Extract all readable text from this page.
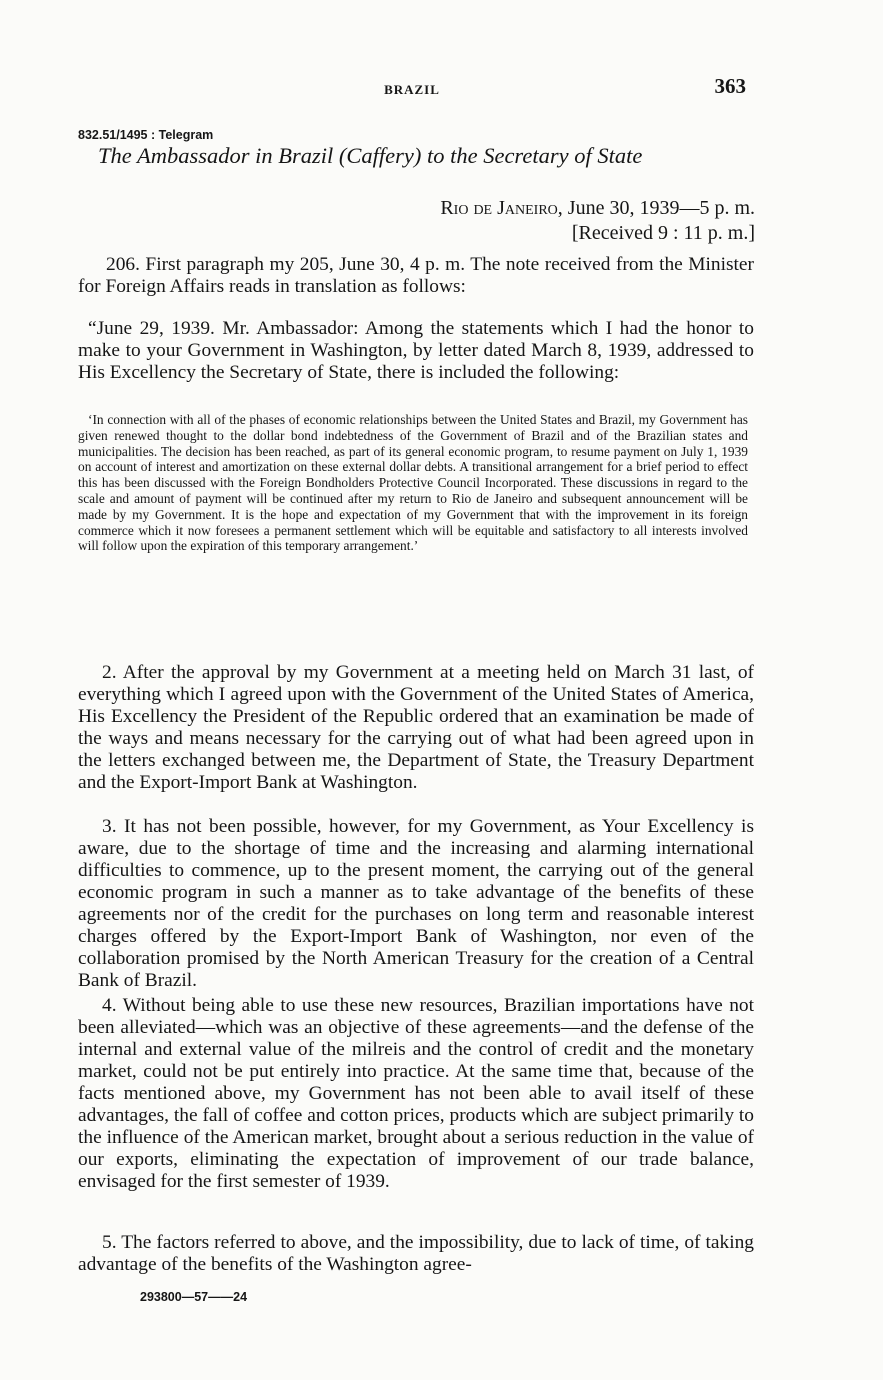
BRAZIL	363
832.51/1495 : Telegram
The Ambassador in Brazil (Caffery) to the Secretary of State
Rio de Janeiro, June 30, 1939—5 p. m.
[Received 9 : 11 p. m.]
206. First paragraph my 205, June 30, 4 p. m. The note received from the Minister for Foreign Affairs reads in translation as follows:
“June 29, 1939. Mr. Ambassador: Among the statements which I had the honor to make to your Government in Washington, by letter dated March 8, 1939, addressed to His Excellency the Secretary of State, there is included the following:
‘In connection with all of the phases of economic relationships between the United States and Brazil, my Government has given renewed thought to the dollar bond indebtedness of the Government of Brazil and of the Brazilian states and municipalities. The decision has been reached, as part of its general economic program, to resume payment on July 1, 1939 on account of interest and amortization on these external dollar debts. A transitional arrangement for a brief period to effect this has been discussed with the Foreign Bondholders Protective Council Incorporated. These discussions in regard to the scale and amount of payment will be continued after my return to Rio de Janeiro and subsequent announcement will be made by my Government. It is the hope and expectation of my Government that with the improvement in its foreign commerce which it now foresees a permanent settlement which will be equitable and satisfactory to all interests involved will follow upon the expiration of this temporary arrangement.’
2. After the approval by my Government at a meeting held on March 31 last, of everything which I agreed upon with the Government of the United States of America, His Excellency the President of the Republic ordered that an examination be made of the ways and means necessary for the carrying out of what had been agreed upon in the letters exchanged between me, the Department of State, the Treasury Department and the Export-Import Bank at Washington.
3. It has not been possible, however, for my Government, as Your Excellency is aware, due to the shortage of time and the increasing and alarming international difficulties to commence, up to the present moment, the carrying out of the general economic program in such a manner as to take advantage of the benefits of these agreements nor of the credit for the purchases on long term and reasonable interest charges offered by the Export-Import Bank of Washington, nor even of the collaboration promised by the North American Treasury for the creation of a Central Bank of Brazil.
4. Without being able to use these new resources, Brazilian importations have not been alleviated—which was an objective of these agreements—and the defense of the internal and external value of the milreis and the control of credit and the monetary market, could not be put entirely into practice. At the same time that, because of the facts mentioned above, my Government has not been able to avail itself of these advantages, the fall of coffee and cotton prices, products which are subject primarily to the influence of the American market, brought about a serious reduction in the value of our exports, eliminating the expectation of improvement of our trade balance, envisaged for the first semester of 1939.
5. The factors referred to above, and the impossibility, due to lack of time, of taking advantage of the benefits of the Washington agree-
293800—57——24
